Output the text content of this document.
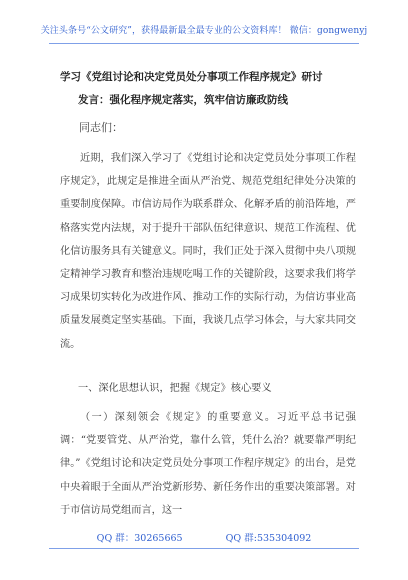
关注头条号“公文研究”，获得最新最全最专业的公文资料库！ 微信：gongwenyj
学习《党组讨论和决定党员处分事项工作程序规定》研讨
发言：强化程序规定落实，筑牢信访廉政防线
同志们：

近期，我们深入学习了《党组讨论和决定党员处分事项工作程序规定》，此规定是推进全面从严治党、规范党组纪律处分决策的重要制度保障。市信访局作为联系群众、化解矛盾的前沿阵地，严格落实党内法规，对于提升干部队伍纪律意识、规范工作流程、优化信访服务具有关键意义。同时，我们正处于深入贯彻中央八项规定精神学习教育和整治违规吃喝工作的关键阶段，这要求我们将学习成果切实转化为改进作风、推动工作的实际行动，为信访事业高质量发展奠定坚实基础。下面，我谈几点学习体会，与大家共同交流。

一、深化思想认识，把握《规定》核心要义

（一）深刻领会《规定》的重要意义。习近平总书记强调：“党要管党、从严治党，靠什么管，凭什么治？就要靠严明纪律。”《党组讨论和决定党员处分事项工作程序规定》的出台，是党中央着眼于全面从严治党新形势、新任务作出的重要决策部署。对于市信访局党组而言，这一

QQ 群：30265665	QQ 群:535304092
